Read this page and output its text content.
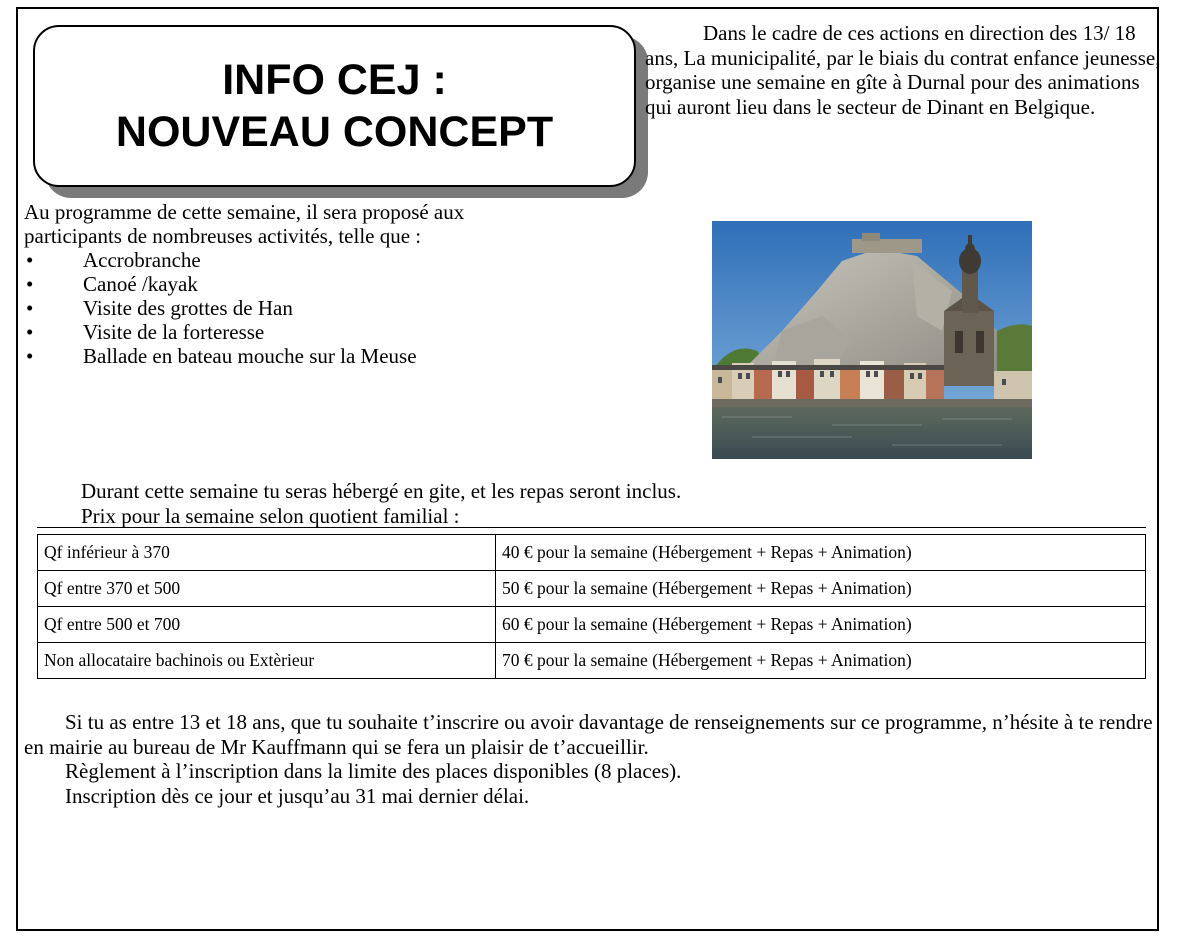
INFO CEJ :
NOUVEAU CONCEPT

Dans le cadre de ces actions en direction des 13/ 18 ans, La municipalité, par le biais du contrat enfance jeunesse, organise une semaine en gîte à Durnal pour des animations qui auront lieu dans le secteur de Dinant en Belgique.

Au programme de cette semaine, il sera proposé aux participants de nombreuses activités, telle que :

• Accrobranche
• Canoé /kayak
• Visite des grottes de Han
• Visite de la forteresse
• Ballade en bateau mouche sur la Meuse
Durant cette semaine tu seras hébergé en gite, et les repas seront inclus.
Prix pour la semaine selon quotient familial :
Qf inférieur à 370	40 € pour la semaine (Hébergement + Repas + Animation)
Qf entre 370 et 500	50 € pour la semaine (Hébergement + Repas + Animation)
Qf entre 500 et 700	60 € pour la semaine (Hébergement + Repas + Animation)
Non allocataire bachinois ou Extèrieur	70 € pour la semaine (Hébergement + Repas + Animation)

Si tu as entre 13 et 18 ans, que tu souhaite t’inscrire ou avoir davantage de renseignements sur ce programme, n’hésite à te rendre en mairie au bureau de Mr Kauffmann qui se fera un plaisir de t’accueillir.

Règlement à l’inscription dans la limite des places disponibles (8 places).

Inscription dès ce jour et jusqu’au 31 mai dernier délai.
